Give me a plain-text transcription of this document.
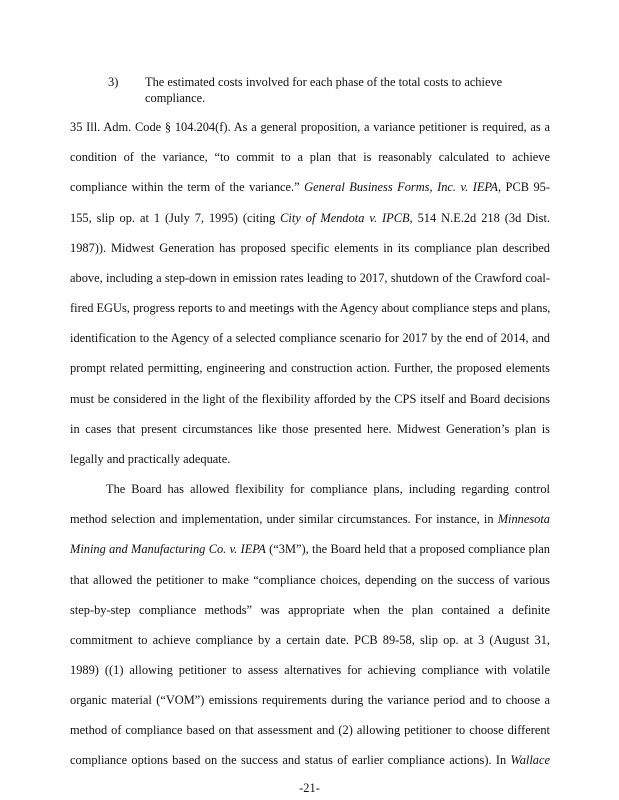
3)	The estimated costs involved for each phase of the total costs to achieve
compliance.
35 Ill. Adm. Code § 104.204(f). As a general proposition, a variance petitioner is required, as a
condition of the variance, “to commit to a plan that is reasonably calculated to achieve
compliance within the term of the variance.” General Business Forms, Inc. v. IEPA, PCB 95-
155, slip op. at 1 (July 7, 1995) (citing City of Mendota v. IPCB, 514 N.E.2d 218 (3d Dist.
1987)). Midwest Generation has proposed specific elements in its compliance plan described
above, including a step-down in emission rates leading to 2017, shutdown of the Crawford coal-
fired EGUs, progress reports to and meetings with the Agency about compliance steps and plans,
identification to the Agency of a selected compliance scenario for 2017 by the end of 2014, and
prompt related permitting, engineering and construction action. Further, the proposed elements
must be considered in the light of the flexibility afforded by the CPS itself and Board decisions
in cases that present circumstances like those presented here. Midwest Generation’s plan is
legally and practically adequate.
The Board has allowed flexibility for compliance plans, including regarding control
method selection and implementation, under similar circumstances. For instance, in Minnesota
Mining and Manufacturing Co. v. IEPA (“3M”), the Board held that a proposed compliance plan
that allowed the petitioner to make “compliance choices, depending on the success of various
step-by-step compliance methods” was appropriate when the plan contained a definite
commitment to achieve compliance by a certain date. PCB 89-58, slip op. at 3 (August 31,
1989) ((1) allowing petitioner to assess alternatives for achieving compliance with volatile
organic material (“VOM”) emissions requirements during the variance period and to choose a
method of compliance based on that assessment and (2) allowing petitioner to choose different
compliance options based on the success and status of earlier compliance actions). In Wallace
-21-
